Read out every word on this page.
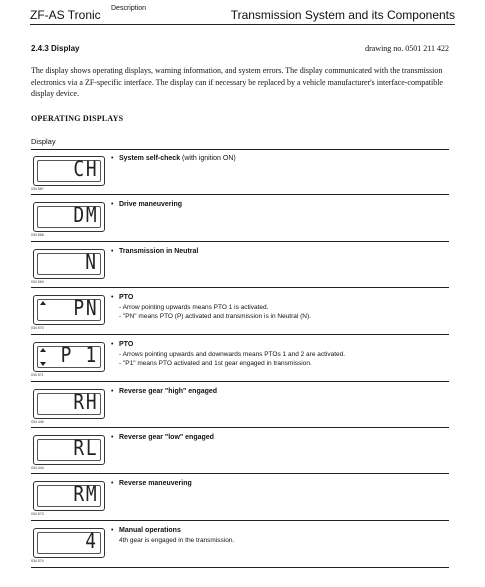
ZF-AS Tronic	Transmission System and its Components
2.4.3 Display	drawing no. 0501 211 422
The display shows operating displays, warning information, and system errors. The display communicated with the transmission electronics via a ZF-specific interface. The display can if necessary be replaced by a vehicle manufacturer's interface-compatible display device.
OPERATING DISPLAYS
Display
Description
CH
034 567
• System self-check (with ignition ON)
DM
034 568
• Drive maneuvering
N
034 569
• Transmission in Neutral
PN
034 570
• PTO
- Arrow pointing upwards means PTO 1 is activated.
- "PN" means PTO (P) activated and transmission is in Neutral (N).
P 1
034 571
• PTO
- Arrows pointing upwards and downwards means PTOs 1 and 2 are activated.
- "P1" means PTO activated and 1st gear engaged in transmission.
RH
034 446
• Reverse gear "high" engaged
RL
034 444
• Reverse gear "low" engaged
RM
034 573
• Reverse maneuvering
4
034 574
• Manual operations
4th gear is engaged in the transmission.
